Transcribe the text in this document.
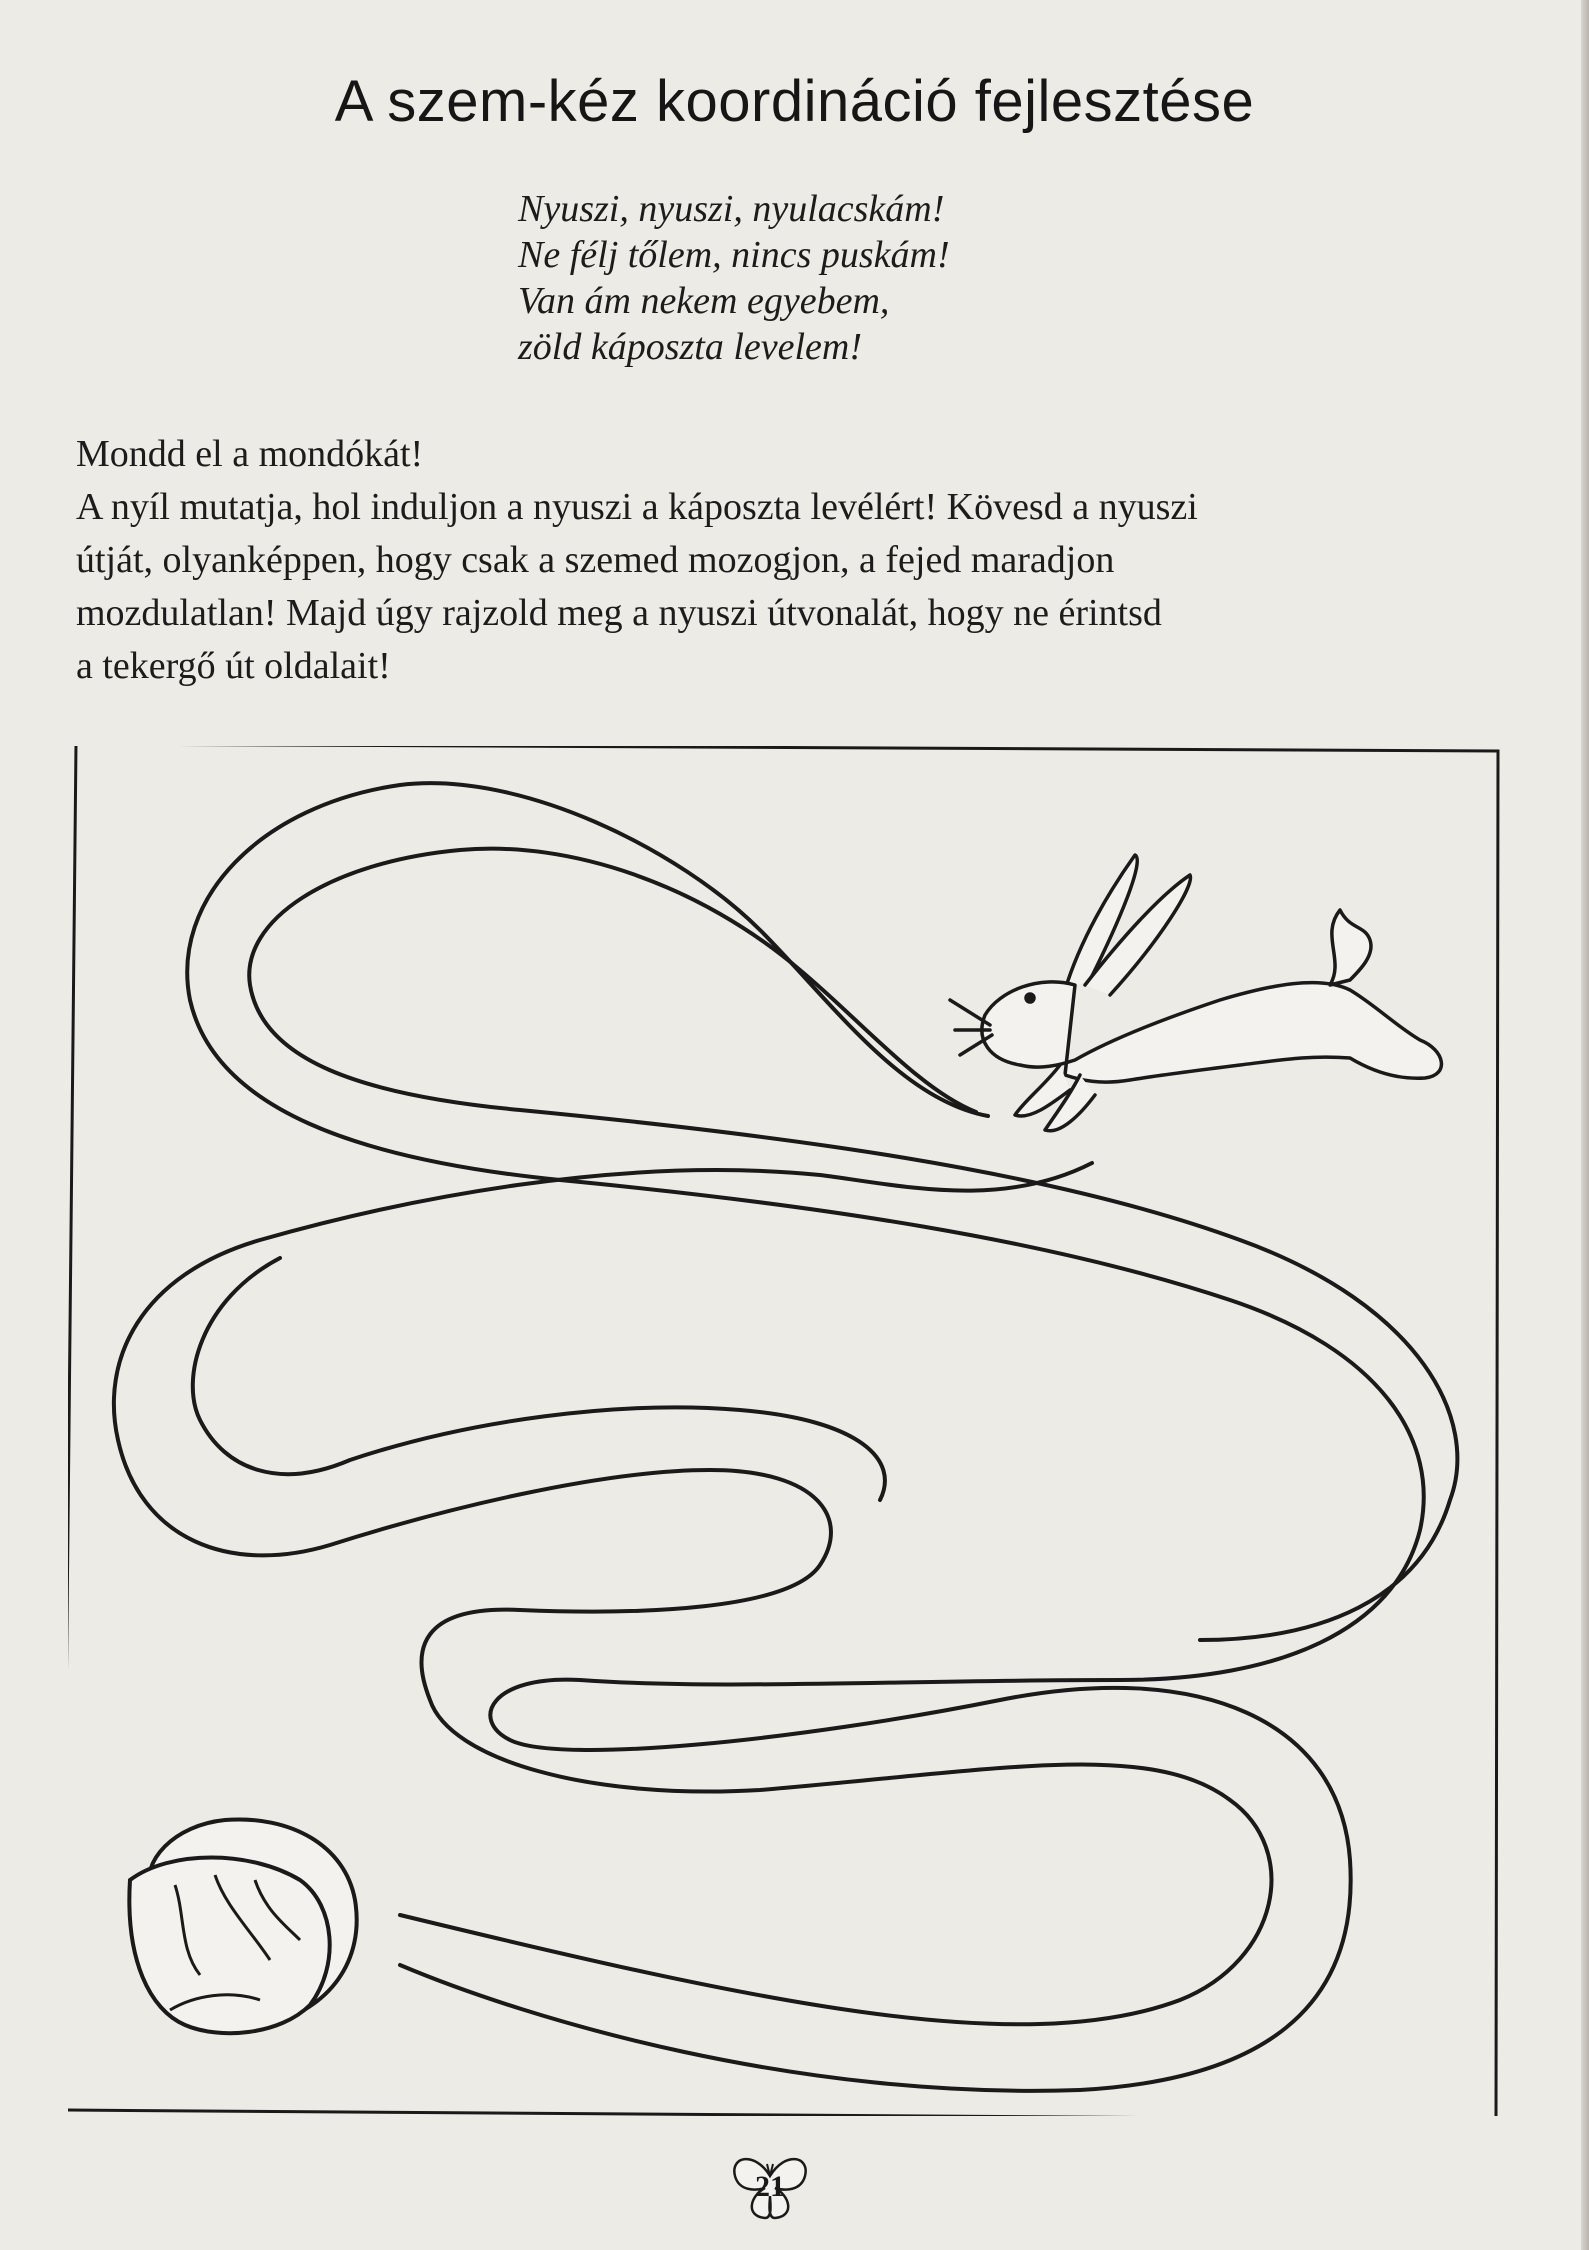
A szem-kéz koordináció fejlesztése
Nyuszi, nyuszi, nyulacskám!
Ne félj tőlem, nincs puskám!
Van ám nekem egyebem,
zöld káposzta levelem!
Mondd el a mondókát!
A nyíl mutatja, hol induljon a nyuszi a káposzta levélért! Kövesd a nyuszi
útját, olyanképpen, hogy csak a szemed mozogjon, a fejed maradjon
mozdulatlan! Majd úgy rajzold meg a nyuszi útvonalát, hogy ne érintsd
a tekergő út oldalait!
21
